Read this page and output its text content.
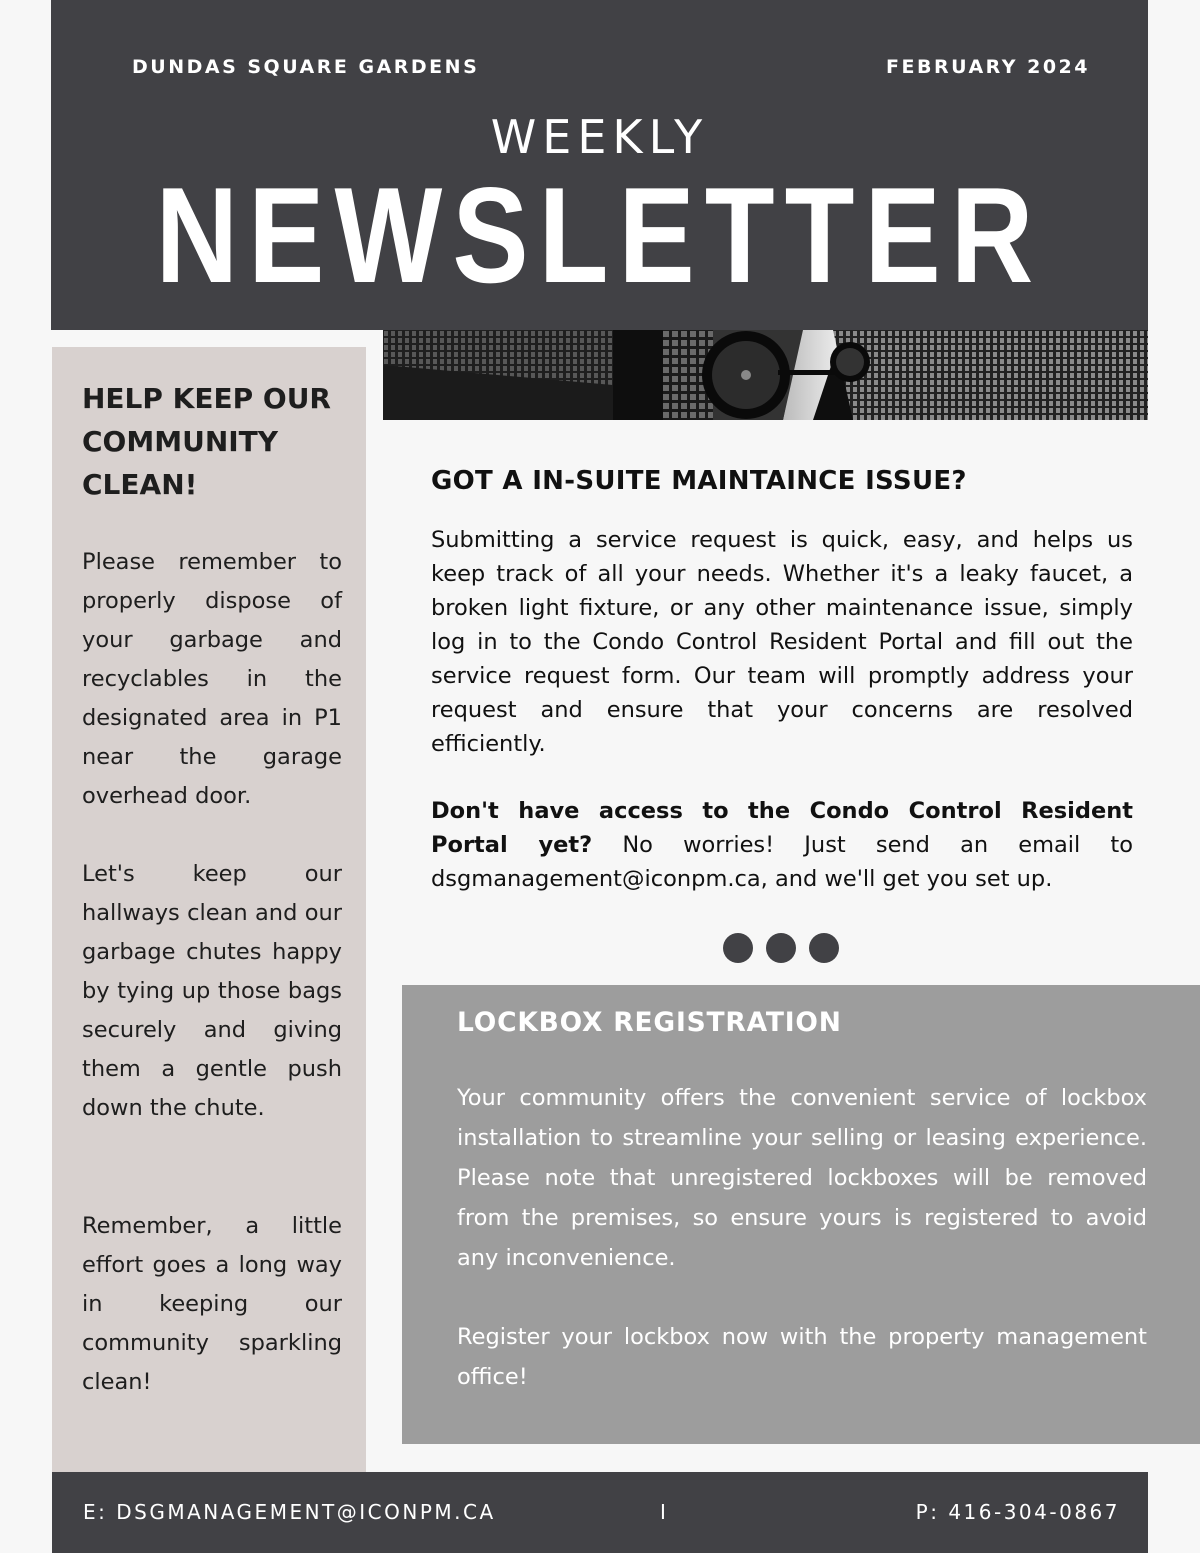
DUNDAS SQUARE GARDENS	FEBRUARY 2024
WEEKLY
NEWSLETTER
HELP KEEP OUR COMMUNITY CLEAN!

Please remember to properly dispose of your garbage and recyclables in the designated area in P1 near the garage overhead door.

Let's keep our hallways clean and our garbage chutes happy by tying up those bags securely and giving them a gentle push down the chute.

Remember, a little effort goes a long way in keeping our community sparkling clean!

GOT A IN-SUITE MAINTAINCE ISSUE?

Submitting a service request is quick, easy, and helps us keep track of all your needs. Whether it's a leaky faucet, a broken light fixture, or any other maintenance issue, simply log in to the Condo Control Resident Portal and fill out the service request form. Our team will promptly address your request and ensure that your concerns are resolved efficiently.

Don't have access to the Condo Control Resident Portal yet? No worries! Just send an email to dsgmanagement@iconpm.ca, and we'll get you set up.

LOCKBOX REGISTRATION

Your community offers the convenient service of lockbox installation to streamline your selling or leasing experience. Please note that unregistered lockboxes will be removed from the premises, so ensure yours is registered to avoid any inconvenience.

Register your lockbox now with the property management office!

E: DSGMANAGEMENT@ICONPM.CA	I	P: 416-304-0867
